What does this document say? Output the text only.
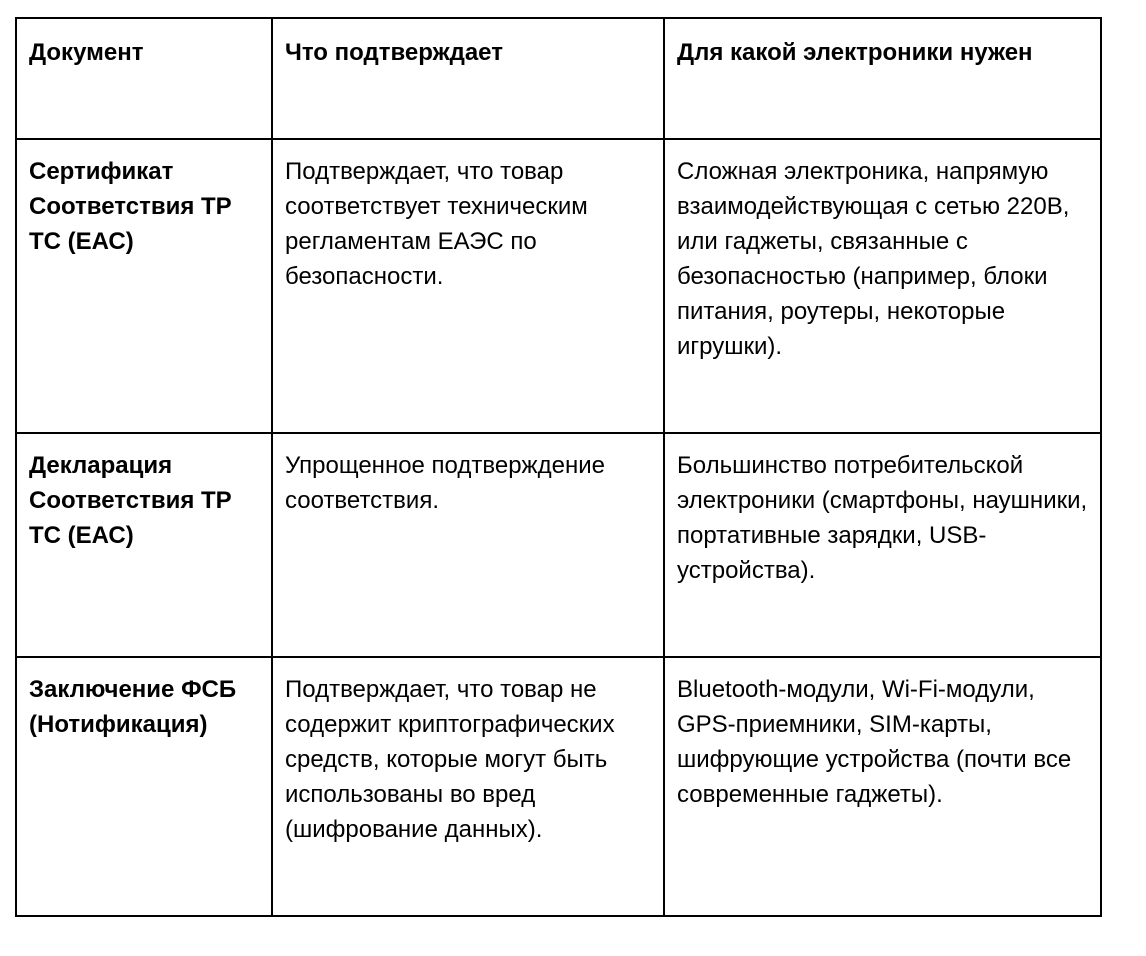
Документ	Что подтверждает	Для какой электроники нужен
Сертификат Соответствия ТР ТС (ЕАС)	Подтверждает, что товар соответствует техническим регламентам ЕАЭС по безопасности.	Сложная электроника, напрямую взаимодействующая с сетью 220В, или гаджеты, связанные с безопасностью (например, блоки питания, роутеры, некоторые игрушки).
Декларация Соответствия ТР ТС (ЕАС)	Упрощенное подтверждение соответствия.	Большинство потребительской электроники (смартфоны, наушники, портативные зарядки, USB-устройства).
Заключение ФСБ (Нотификация)	Подтверждает, что товар не содержит криптографических средств, которые могут быть использованы во вред (шифрование данных).	Bluetooth-модули, Wi-Fi-модули, GPS-приемники, SIM-карты, шифрующие устройства (почти все современные гаджеты).
